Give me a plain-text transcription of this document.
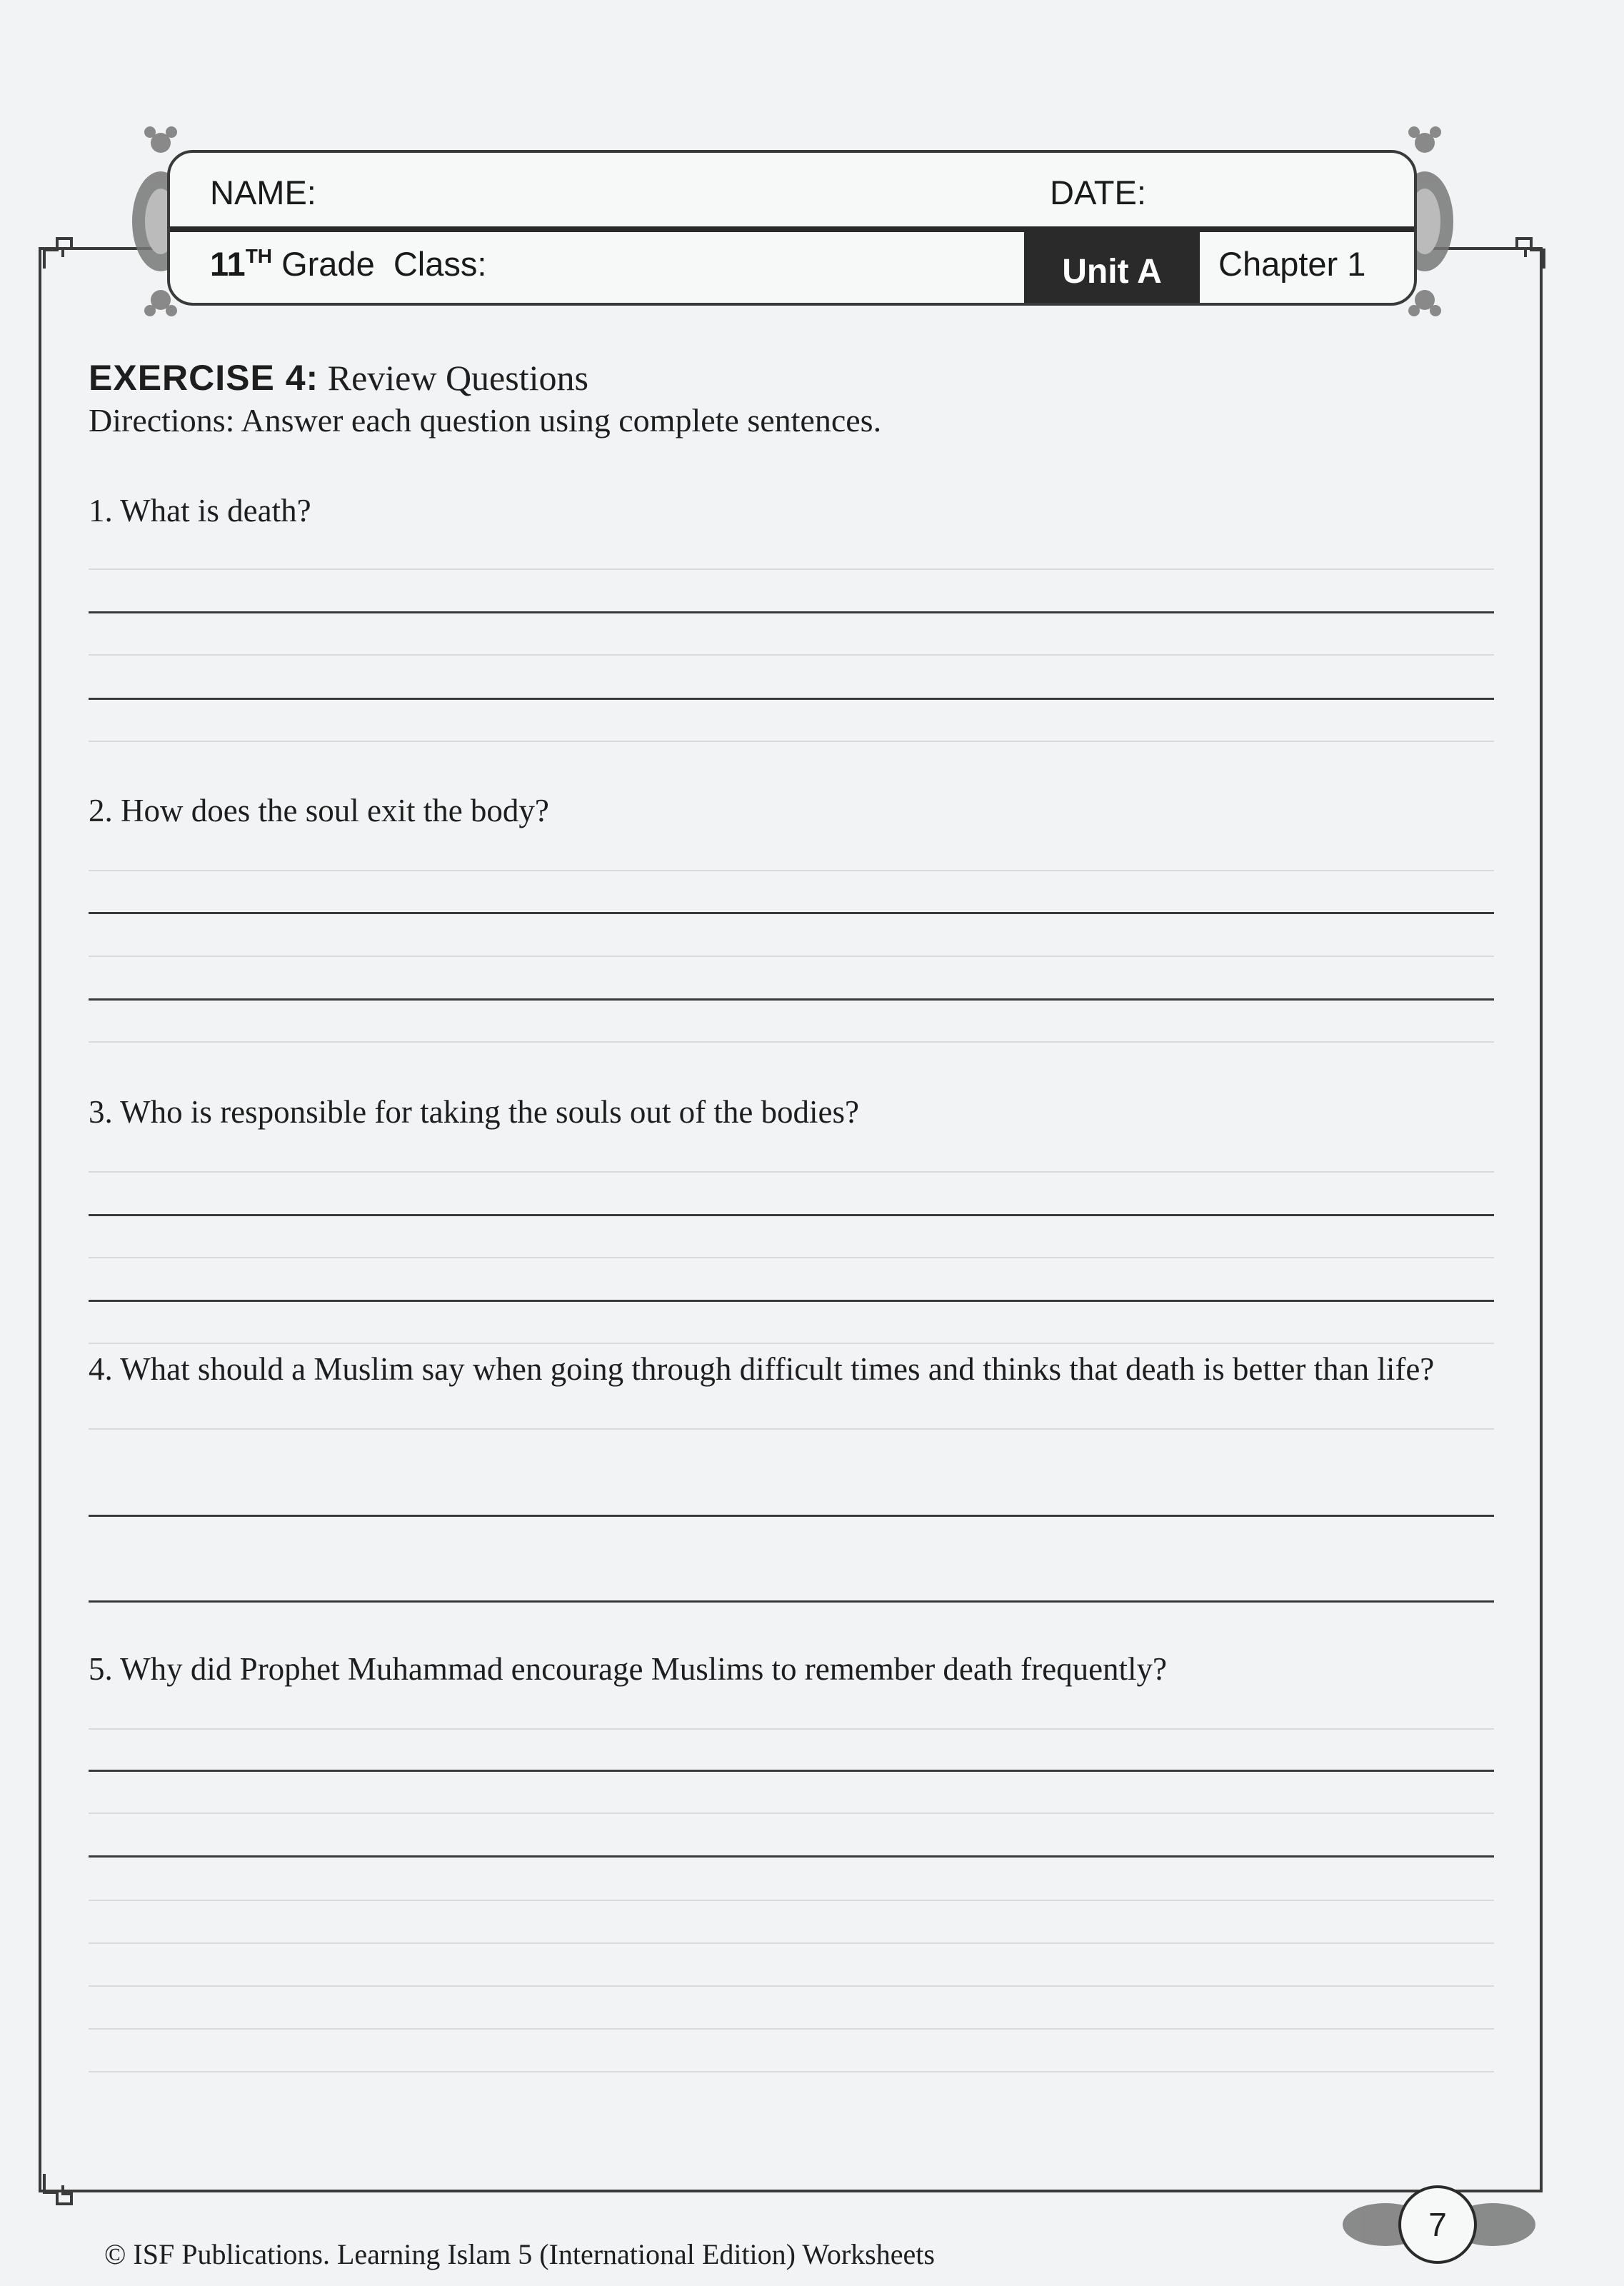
NAME:	DATE:
11TH Grade Class:	Unit A	Chapter 1
EXERCISE 4: Review Questions
Directions: Answer each question using complete sentences.
1. What is death?
2. How does the soul exit the body?
3. Who is responsible for taking the souls out of the bodies?
4. What should a Muslim say when going through difficult times and thinks that death is better than life?
5. Why did Prophet Muhammad encourage Muslims to remember death frequently?
7
© ISF Publications. Learning Islam 5 (International Edition) Worksheets
